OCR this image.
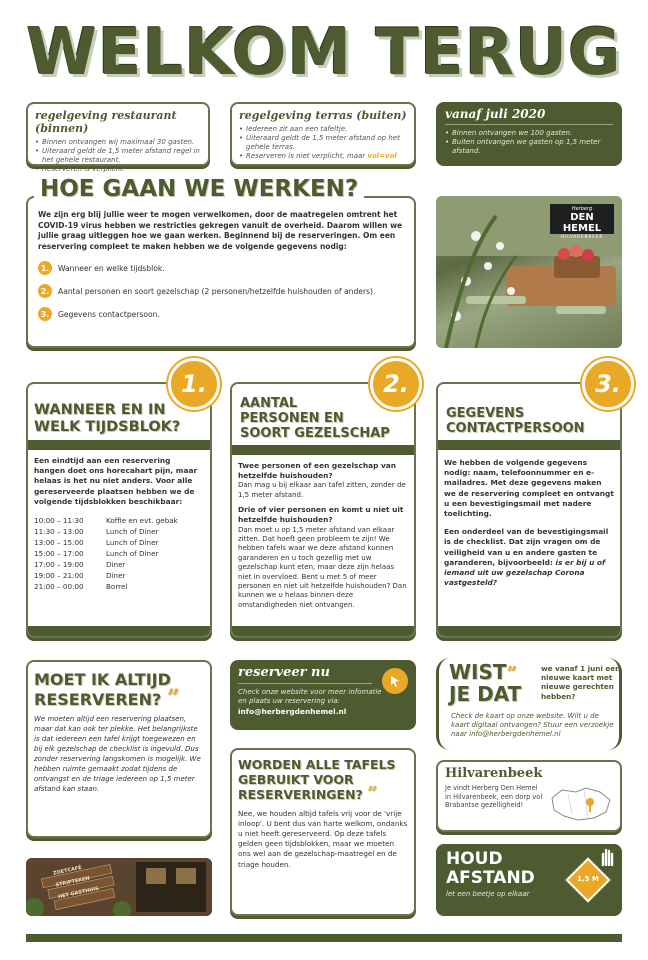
WELKOM TERUG
regelgeving restaurant (binnen)
• Binnen ontvangen wij maximaal 30 gasten.
• Uiteraard geldt de 1,5 meter afstand regel in het gehele restaurant.
• Reserveren is verplicht.
regelgeving terras (buiten)
• Iedereen zit aan een tafeltje.
• Uiteraard geldt de 1,5 meter afstand op het gehele terras.
• Reserveren is niet verplicht, maar vol=vol
vanaf juli 2020
• Binnen ontvangen we 100 gasten.
• Buiten ontvangen we gasten op 1,5 meter afstand.
We zijn erg blij jullie weer te mogen verwelkomen, door de maatregelen omtrent het COVID-19 virus hebben we restricties gekregen vanuit de overheid. Daarom willen we jullie graag uitleggen hoe we gaan werken. Beginnend bij de reserveringen. Om een reservering compleet te maken hebben we de volgende gegevens nodig:
1.	Wanneer en welke tijdsblok.
2.	Aantal personen en soort gezelschap (2 personen/hetzelfde huishouden of anders).
3.	Gegevens contactpersoon.
HOE GAAN WE WERKEN?
Herberg
DEN HEMEL
HILVARENBEEK
WANNEER EN IN
WELK TIJDSBLOK?
Een eindtijd aan een reservering hangen doet ons horecahart pijn, maar helaas is het nu niet anders. Voor alle gereserveerde plaatsen hebben we de volgende tijdsblokken beschikbaar:
10:00 – 11:30	Koffie en evt. gebak
11:30 – 13:00	Lunch of Diner
13:00 – 15:00	Lunch of Diner
15:00 – 17:00	Lunch of Diner
17:00 – 19:00	Diner
19:00 – 21:00	Diner
21:00 – 00:00	Borrel
1.
AANTAL
PERSONEN EN
SOORT GEZELSCHAP
Twee personen of een gezelschap van hetzelfde huishouden?
Dan mag u bij elkaar aan tafel zitten, zonder de 1,5 meter afstand.
Drie of vier personen en komt u niet uit hetzelfde huishouden?
Dan moet u op 1,5 meter afstand van elkaar zitten. Dat hoeft geen probleem te zijn! We hebben tafels waar we deze afstand kunnen garanderen en u toch gezellig met uw gezelschap kunt eten, maar deze zijn helaas niet in overvloed. Bent u met 5 of meer personen en niet uit hetzelfde huishouden? Dan kunnen we u helaas binnen deze omstandigheden niet ontvangen.
2.
GEGEVENS
CONTACTPERSOON
We hebben de volgende gegevens nodig: naam, telefoonnummer en e-mailadres. Met deze gegevens maken we de reservering compleet en ontvangt u een bevestigingsmail met nadere toelichting.
Een onderdeel van de bevestigingsmail is de checklist. Dat zijn vragen om de veiligheid van u en andere gasten te garanderen, bijvoorbeeld: is er bij u of iemand uit uw gezelschap Corona vastgesteld?
3.
MOET IK ALTIJD
RESERVEREN? ”
We moeten altijd een reservering plaatsen, maar dat kan ook ter plekke. Het belangrijkste is dat iedereen een tafel krijgt toegewezen en bij elk gezelschap de checklist is ingevuld. Dus zonder reservering langskomen is mogelijk. We hebben ruimte gemaakt zodat tijdens de ontvangst en de triage iedereen op 1,5 meter afstand kan staan.
reserveer nu
Check onze website voor meer infomatie en plaats uw reservering via:
info@herbergdenhemel.nl
WORDEN ALLE TAFELS
GEBRUIKT VOOR
RESERVERINGEN? ”
Nee, we houden altijd tafels vrij voor de 'vrije inloop'. U bent dus van harte welkom, ondanks u niet heeft gereserveerd. Op deze tafels gelden geen tijdsblokken, maar we moeten ons wel aan de gezelschap-maatregel en de triage houden.
WIST”
JE DAT
we vanaf 1 juni een nieuwe kaart met nieuwe gerechten hebben?
Check de kaart op onze website. Wilt u de kaart digitaal ontvangen? Stuur een verzoekje naar info@herbergdenhemel.nl
Hilvarenbeek
Je vindt Herberg Den Hemel in Hilvarenbeek, een dorp vol Brabantse gezelligheid!
HOUD
AFSTAND
let een beetje op elkaar
1,5 M
ZOETCAFÉ
STRIPTEKEN
HET GASTHUIS
